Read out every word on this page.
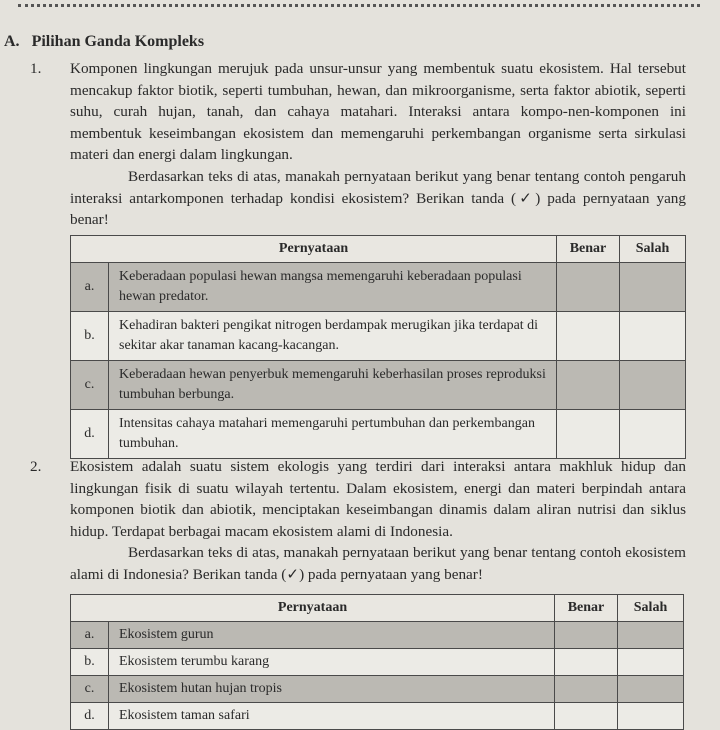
A. Pilihan Ganda Kompleks
1. Komponen lingkungan merujuk pada unsur-unsur yang membentuk suatu ekosistem. Hal tersebut mencakup faktor biotik, seperti tumbuhan, hewan, dan mikroorganisme, serta faktor abiotik, seperti suhu, curah hujan, tanah, dan cahaya matahari. Interaksi antara kompo-nen-komponen ini membentuk keseimbangan ekosistem dan memengaruhi perkembangan organisme serta sirkulasi materi dan energi dalam lingkungan.
Berdasarkan teks di atas, manakah pernyataan berikut yang benar tentang contoh pengaruh interaksi antarkomponen terhadap kondisi ekosistem? Berikan tanda (✓) pada pernyataan yang benar!
Pernyataan		Benar	Salah
a.	Keberadaan populasi hewan mangsa memengaruhi keberadaan populasi hewan predator.		
b.	Kehadiran bakteri pengikat nitrogen berdampak merugikan jika terdapat di sekitar akar tanaman kacang-kacangan.		
c.	Keberadaan hewan penyerbuk memengaruhi keberhasilan proses reproduksi tumbuhan berbunga.		
d.	Intensitas cahaya matahari memengaruhi pertumbuhan dan perkembangan tumbuhan.		
2. Ekosistem adalah suatu sistem ekologis yang terdiri dari interaksi antara makhluk hidup dan lingkungan fisik di suatu wilayah tertentu. Dalam ekosistem, energi dan materi berpindah antara komponen biotik dan abiotik, menciptakan keseimbangan dinamis dalam aliran nutrisi dan siklus hidup. Terdapat berbagai macam ekosistem alami di Indonesia.
Berdasarkan teks di atas, manakah pernyataan berikut yang benar tentang contoh ekosistem alami di Indonesia? Berikan tanda (✓) pada pernyataan yang benar!
Pernyataan		Benar	Salah
a.	Ekosistem gurun		
b.	Ekosistem terumbu karang		
c.	Ekosistem hutan hujan tropis		
d.	Ekosistem taman safari		
